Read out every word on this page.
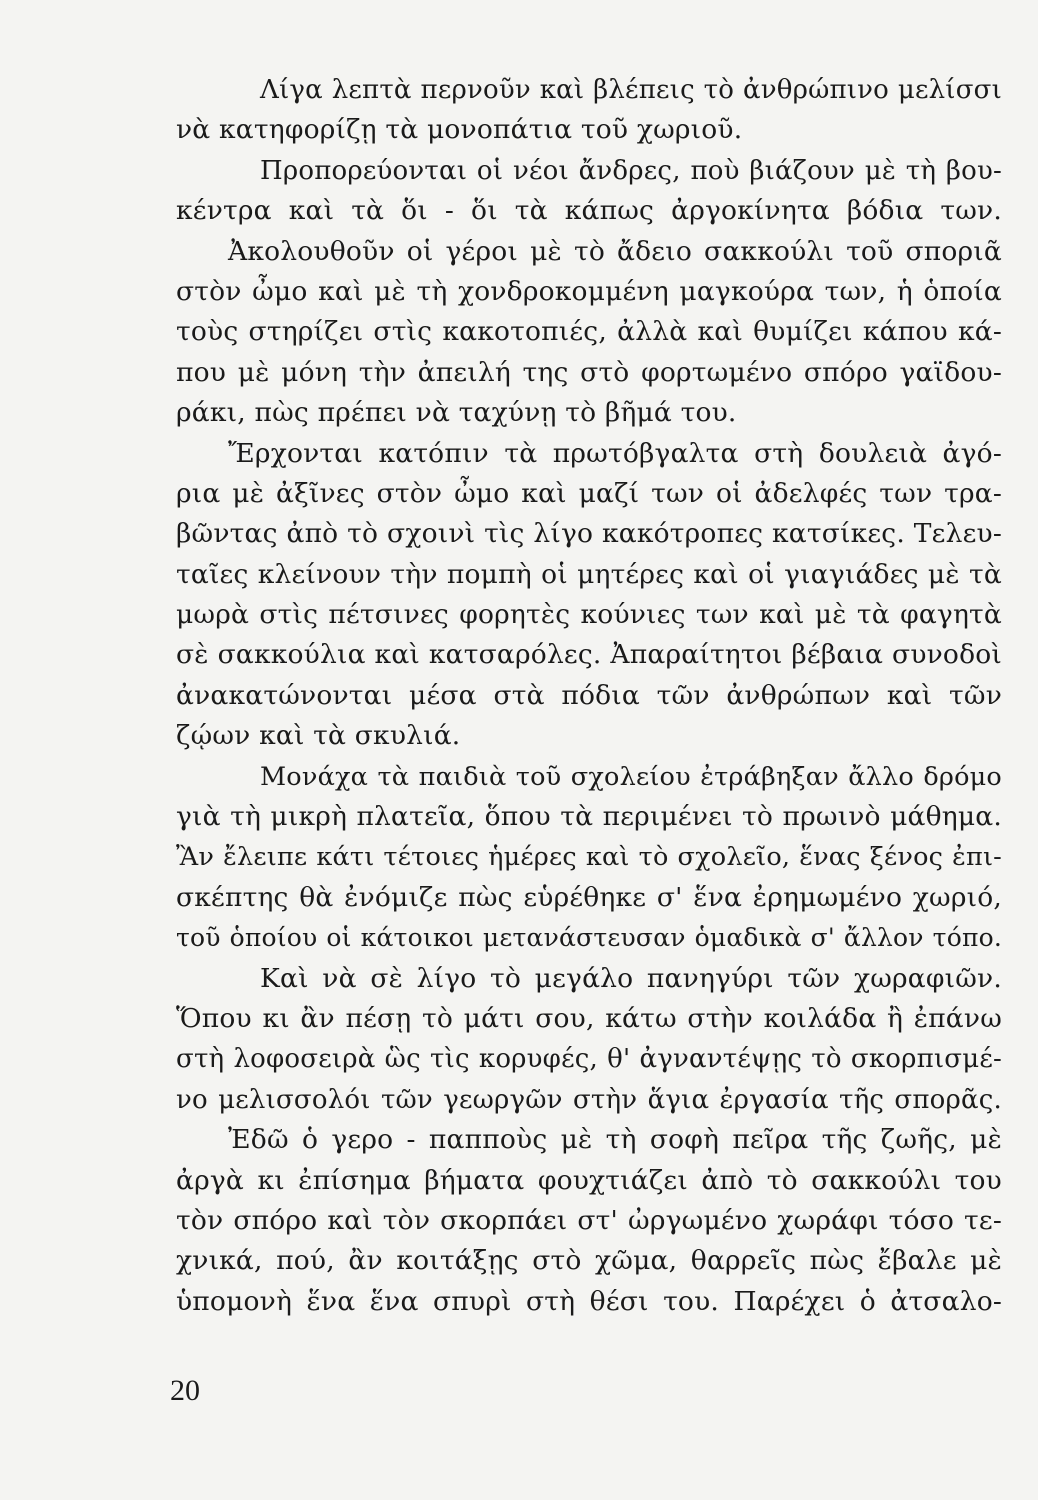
Λίγα λεπτὰ περνοῦν καὶ βλέπεις τὸ ἀνθρώπινο μελίσσι
νὰ κατηφορίζῃ τὰ μονοπάτια τοῦ χωριοῦ.
Προπορεύονται οἱ νέοι ἄνδρες, ποὺ βιάζουν μὲ τὴ βου-
κέντρα καὶ τὰ ὅι - ὅι τὰ κάπως ἀργοκίνητα βόδια των.
Ἀκολουθοῦν οἱ γέροι μὲ τὸ ἄδειο σακκούλι τοῦ σποριᾶ
στὸν ὦμο καὶ μὲ τὴ χονδροκομμένη μαγκούρα των, ἡ ὁποία
τοὺς στηρίζει στὶς κακοτοπιές, ἀλλὰ καὶ θυμίζει κάπου κά-
που μὲ μόνη τὴν ἀπειλή της στὸ φορτωμένο σπόρο γαϊδου-
ράκι, πὼς πρέπει νὰ ταχύνῃ τὸ βῆμά του.
Ἔρχονται κατόπιν τὰ πρωτόβγαλτα στὴ δουλειὰ ἀγό-
ρια μὲ ἀξῖνες στὸν ὦμο καὶ μαζί των οἱ ἀδελφές των τρα-
βῶντας ἀπὸ τὸ σχοινὶ τὶς λίγο κακότροπες κατσίκες. Τελευ-
ταῖες κλείνουν τὴν πομπὴ οἱ μητέρες καὶ οἱ γιαγιάδες μὲ τὰ
μωρὰ στὶς πέτσινες φορητὲς κούνιες των καὶ μὲ τὰ φαγητὰ
σὲ σακκούλια καὶ κατσαρόλες. Ἀπαραίτητοι βέβαια συνοδοὶ
ἀνακατώνονται μέσα στὰ πόδια τῶν ἀνθρώπων καὶ τῶν
ζῴων καὶ τὰ σκυλιά.
Μονάχα τὰ παιδιὰ τοῦ σχολείου ἐτράβηξαν ἄλλο δρόμο
γιὰ τὴ μικρὴ πλατεῖα, ὅπου τὰ περιμένει τὸ πρωινὸ μάθημα.
Ἂν ἔλειπε κάτι τέτοιες ἡμέρες καὶ τὸ σχολεῖο, ἕνας ξένος ἐπι-
σκέπτης θὰ ἐνόμιζε πὼς εὑρέθηκε σ' ἕνα ἐρημωμένο χωριό,
τοῦ ὁποίου οἱ κάτοικοι μετανάστευσαν ὁμαδικὰ σ' ἄλλον τόπο.
Καὶ νὰ σὲ λίγο τὸ μεγάλο πανηγύρι τῶν χωραφιῶν.
Ὅπου κι ἂν πέσῃ τὸ μάτι σου, κάτω στὴν κοιλάδα ἢ ἐπάνω
στὴ λοφοσειρὰ ὣς τὶς κορυφές, θ' ἀγναντέψῃς τὸ σκορπισμέ-
νο μελισσολόι τῶν γεωργῶν στὴν ἅγια ἐργασία τῆς σπορᾶς.
Ἐδῶ ὁ γερο - παπποὺς μὲ τὴ σοφὴ πεῖρα τῆς ζωῆς, μὲ
ἀργὰ κι ἐπίσημα βήματα φουχτιάζει ἀπὸ τὸ σακκούλι του
τὸν σπόρο καὶ τὸν σκορπάει στ' ὠργωμένο χωράφι τόσο τε-
χνικά, πού, ἂν κοιτάξῃς στὸ χῶμα, θαρρεῖς πὼς ἔβαλε μὲ
ὑπομονὴ ἕνα ἕνα σπυρὶ στὴ θέσι του. Παρέχει ὁ ἀτσαλο-
20
